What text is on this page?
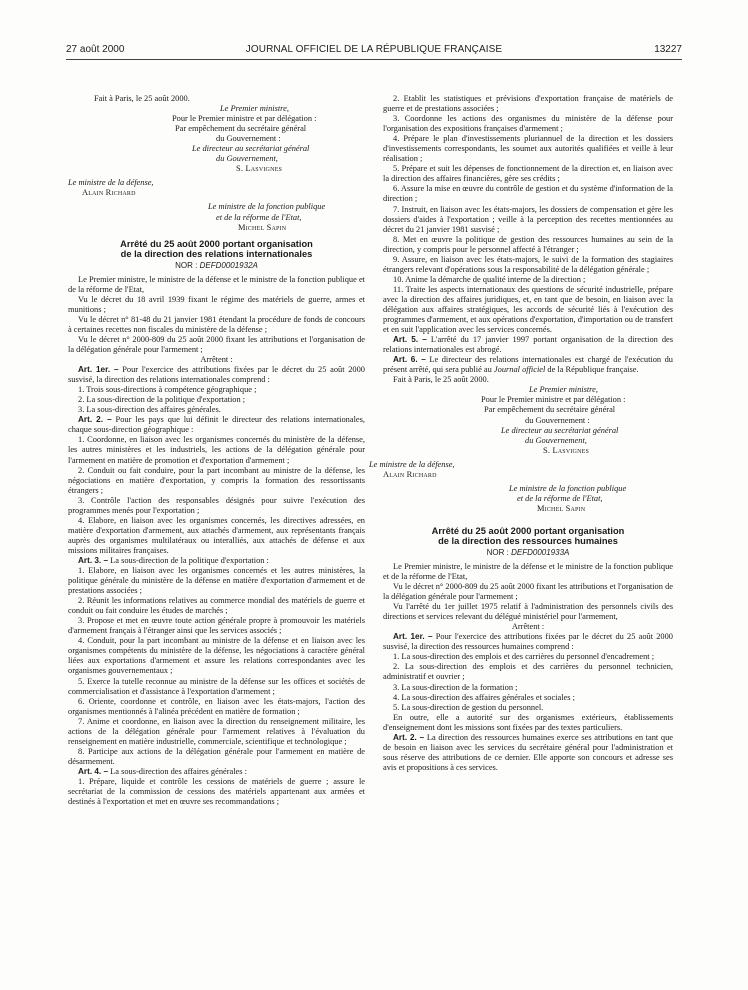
27 août 2000	JOURNAL OFFICIEL DE LA RÉPUBLIQUE FRANÇAISE	13227

Fait à Paris, le 25 août 2000.

Le Premier ministre,

Pour le Premier ministre et par délégation :

Par empêchement du secrétaire général

du Gouvernement :

Le directeur au secrétariat général

du Gouvernement,

S. Lasvignes

Le ministre de la défense,

Alain Richard

Le ministre de la fonction publique

et de la réforme de l'Etat,

Michel Sapin

Arrêté du 25 août 2000 portant organisation
de la direction des relations internationales
NOR : DEFD0001932A

Le Premier ministre, le ministre de la défense et le ministre de la fonction publique et de la réforme de l'Etat,

Vu le décret du 18 avril 1939 fixant le régime des matériels de guerre, armes et munitions ;

Vu le décret n° 81-48 du 21 janvier 1981 étendant la procédure de fonds de concours à certaines recettes non fiscales du ministère de la défense ;

Vu le décret n° 2000-809 du 25 août 2000 fixant les attributions et l'organisation de la délégation générale pour l'armement ;

Arrêtent :

Art. 1er. – Pour l'exercice des attributions fixées par le décret du 25 août 2000 susvisé, la direction des relations internationales comprend :

1. Trois sous-directions à compétence géographique ;

2. La sous-direction de la politique d'exportation ;

3. La sous-direction des affaires générales.

Art. 2. – Pour les pays que lui définit le directeur des relations internationales, chaque sous-direction géographique :

1. Coordonne, en liaison avec les organismes concernés du ministère de la défense, les autres ministères et les industriels, les actions de la délégation générale pour l'armement en matière de promotion et d'exportation d'armement ;

2. Conduit ou fait conduire, pour la part incombant au ministre de la défense, les négociations en matière d'exportation, y compris la formation des ressortissants étrangers ;

3. Contrôle l'action des responsables désignés pour suivre l'exécution des programmes menés pour l'exportation ;

4. Elabore, en liaison avec les organismes concernés, les directives adressées, en matière d'exportation d'armement, aux attachés d'armement, aux représentants français auprès des organismes multilatéraux ou interalliés, aux attachés de défense et aux missions militaires françaises.

Art. 3. – La sous-direction de la politique d'exportation :

1. Elabore, en liaison avec les organismes concernés et les autres ministères, la politique générale du ministère de la défense en matière d'exportation d'armement et de prestations associées ;

2. Réunit les informations relatives au commerce mondial des matériels de guerre et conduit ou fait conduire les études de marchés ;

3. Propose et met en œuvre toute action générale propre à promouvoir les matériels d'armement français à l'étranger ainsi que les services associés ;

4. Conduit, pour la part incombant au ministre de la défense et en liaison avec les organismes compétents du ministère de la défense, les négociations à caractère général liées aux exportations d'armement et assure les relations correspondantes avec les organismes gouvernementaux ;

5. Exerce la tutelle reconnue au ministre de la défense sur les offices et sociétés de commercialisation et d'assistance à l'exportation d'armement ;

6. Oriente, coordonne et contrôle, en liaison avec les états-majors, l'action des organismes mentionnés à l'alinéa précédent en matière de formation ;

7. Anime et coordonne, en liaison avec la direction du renseignement militaire, les actions de la délégation générale pour l'armement relatives à l'évaluation du renseignement en matière industrielle, commerciale, scientifique et technologique ;

8. Participe aux actions de la délégation générale pour l'armement en matière de désarmement.

Art. 4. – La sous-direction des affaires générales :

1. Prépare, liquide et contrôle les cessions de matériels de guerre ; assure le secrétariat de la commission de cessions des matériels appartenant aux armées et destinés à l'exportation et met en œuvre ses recommandations ;

2. Etablit les statistiques et prévisions d'exportation française de matériels de guerre et de prestations associées ;

3. Coordonne les actions des organismes du ministère de la défense pour l'organisation des expositions françaises d'armement ;

4. Prépare le plan d'investissements pluriannuel de la direction et les dossiers d'investissements correspondants, les soumet aux autorités qualifiées et veille à leur réalisation ;

5. Prépare et suit les dépenses de fonctionnement de la direction et, en liaison avec la direction des affaires financières, gère ses crédits ;

6. Assure la mise en œuvre du contrôle de gestion et du système d'information de la direction ;

7. Instruit, en liaison avec les états-majors, les dossiers de compensation et gère les dossiers d'aides à l'exportation ; veille à la perception des recettes mentionnées au décret du 21 janvier 1981 susvisé ;

8. Met en œuvre la politique de gestion des ressources humaines au sein de la direction, y compris pour le personnel affecté à l'étranger ;

9. Assure, en liaison avec les états-majors, le suivi de la formation des stagiaires étrangers relevant d'opérations sous la responsabilité de la délégation générale ;

10. Anime la démarche de qualité interne de la direction ;

11. Traite les aspects internationaux des questions de sécurité industrielle, prépare avec la direction des affaires juridiques, et, en tant que de besoin, en liaison avec la délégation aux affaires stratégiques, les accords de sécurité liés à l'exécution des programmes d'armement, et aux opérations d'exportation, d'importation ou de transfert et en suit l'application avec les services concernés.

Art. 5. – L'arrêté du 17 janvier 1997 portant organisation de la direction des relations internationales est abrogé.

Art. 6. – Le directeur des relations internationales est chargé de l'exécution du présent arrêté, qui sera publié au Journal officiel de la République française.

Fait à Paris, le 25 août 2000.

Le Premier ministre,

Pour le Premier ministre et par délégation :

Par empêchement du secrétaire général

du Gouvernement :

Le directeur au secrétariat général

du Gouvernement,

S. Lasvignes

Le ministre de la défense,

Alain Richard

Le ministre de la fonction publique

et de la réforme de l'Etat,

Michel Sapin

Arrêté du 25 août 2000 portant organisation
de la direction des ressources humaines
NOR : DEFD0001933A

Le Premier ministre, le ministre de la défense et le ministre de la fonction publique et de la réforme de l'Etat,

Vu le décret n° 2000-809 du 25 août 2000 fixant les attributions et l'organisation de la délégation générale pour l'armement ;

Vu l'arrêté du 1er juillet 1975 relatif à l'administration des personnels civils des directions et services relevant du délégué ministériel pour l'armement,

Arrêtent :

Art. 1er. – Pour l'exercice des attributions fixées par le décret du 25 août 2000 susvisé, la direction des ressources humaines comprend :

1. La sous-direction des emplois et des carrières du personnel d'encadrement ;

2. La sous-direction des emplois et des carrières du personnel technicien, administratif et ouvrier ;

3. La sous-direction de la formation ;

4. La sous-direction des affaires générales et sociales ;

5. La sous-direction de gestion du personnel.

En outre, elle a autorité sur des organismes extérieurs, établissements d'enseignement dont les missions sont fixées par des textes particuliers.

Art. 2. – La direction des ressources humaines exerce ses attributions en tant que de besoin en liaison avec les services du secrétaire général pour l'administration et sous réserve des attributions de ce dernier. Elle apporte son concours et adresse ses avis et propositions à ces services.
